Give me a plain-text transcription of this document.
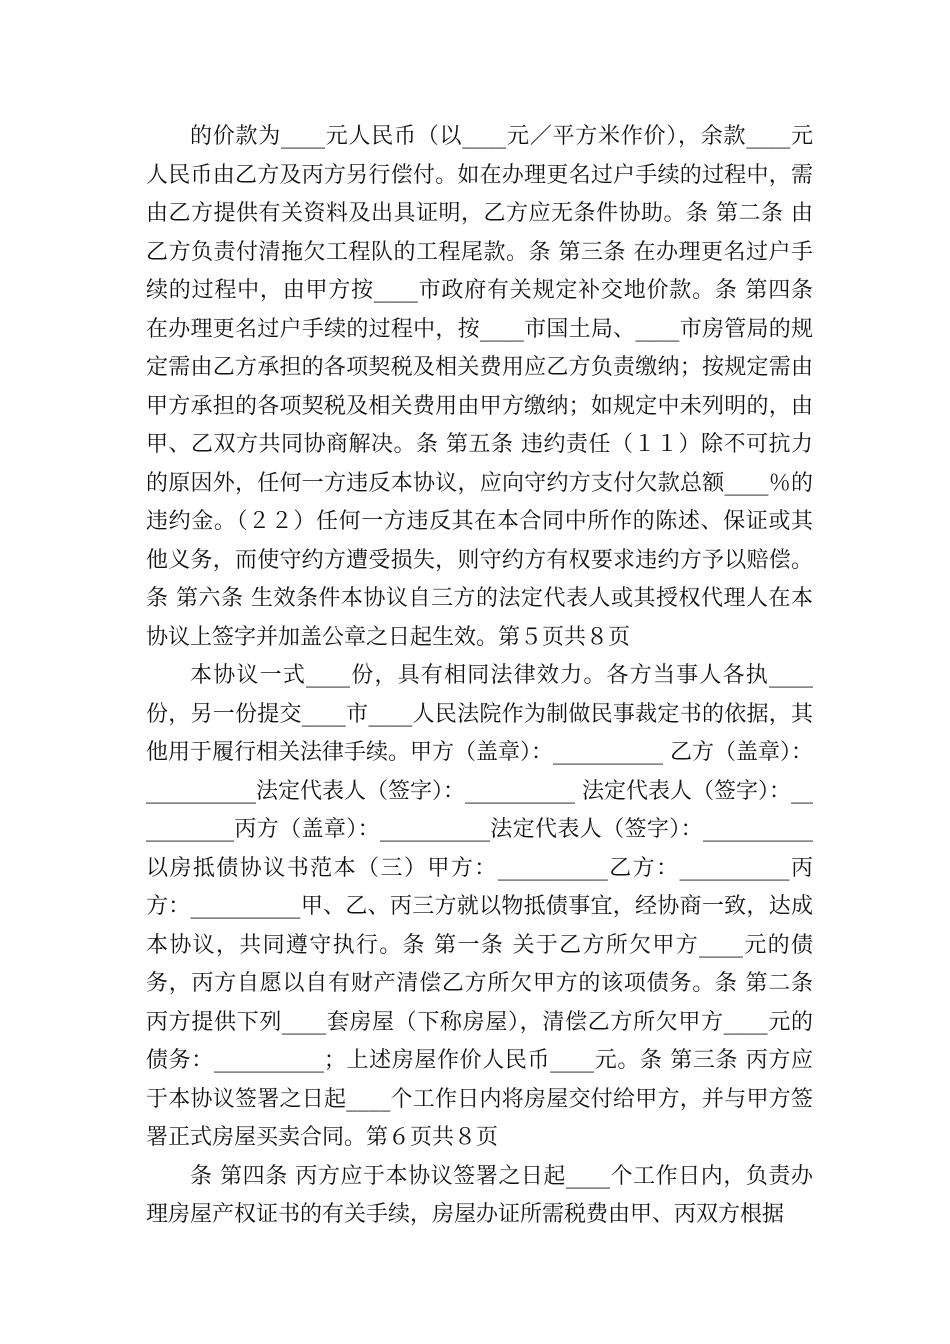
的价款为____元人民币（以____元／平方米作价），余款____元人民币由乙方及丙方另行偿付。如在办理更名过户手续的过程中，需由乙方提供有关资料及出具证明，乙方应无条件协助。条 第二条 由乙方负责付清拖欠工程队的工程尾款。条 第三条 在办理更名过户手续的过程中，由甲方按____市政府有关规定补交地价款。条 第四条 在办理更名过户手续的过程中，按____市国土局、____市房管局的规定需由乙方承担的各项契税及相关费用应乙方负责缴纳；按规定需由甲方承担的各项契税及相关费用由甲方缴纳；如规定中未列明的，由甲、乙双方共同协商解决。条 第五条 违约责任（１１）除不可抗力的原因外，任何一方违反本协议，应向守约方支付欠款总额____％的违约金。（２２）任何一方违反其在本合同中所作的陈述、保证或其他义务，而使守约方遭受损失，则守约方有权要求违约方予以赔偿。条 第六条 生效条件本协议自三方的法定代表人或其授权代理人在本协议上签字并加盖公章之日起生效。第５页共８页

本协议一式____份，具有相同法律效力。各方当事人各执____份，另一份提交____市____人民法院作为制做民事裁定书的依据，其他用于履行相关法律手续。甲方（盖章）：__________ 乙方（盖章）：__________法定代表人（签字）：__________ 法定代表人（签字）：__________丙方（盖章）：__________法定代表人（签字）：__________以房抵债协议书范本（三）甲方：__________乙方：__________丙方：__________甲、乙、丙三方就以物抵债事宜，经协商一致，达成本协议，共同遵守执行。条 第一条 关于乙方所欠甲方____元的债务，丙方自愿以自有财产清偿乙方所欠甲方的该项债务。条 第二条 丙方提供下列____套房屋（下称房屋），清偿乙方所欠甲方____元的债务：__________；上述房屋作价人民币____元。条 第三条 丙方应于本协议签署之日起____个工作日内将房屋交付给甲方，并与甲方签署正式房屋买卖合同。第６页共８页

条 第四条 丙方应于本协议签署之日起____个工作日内，负责办理房屋产权证书的有关手续，房屋办证所需税费由甲、丙双方根据
